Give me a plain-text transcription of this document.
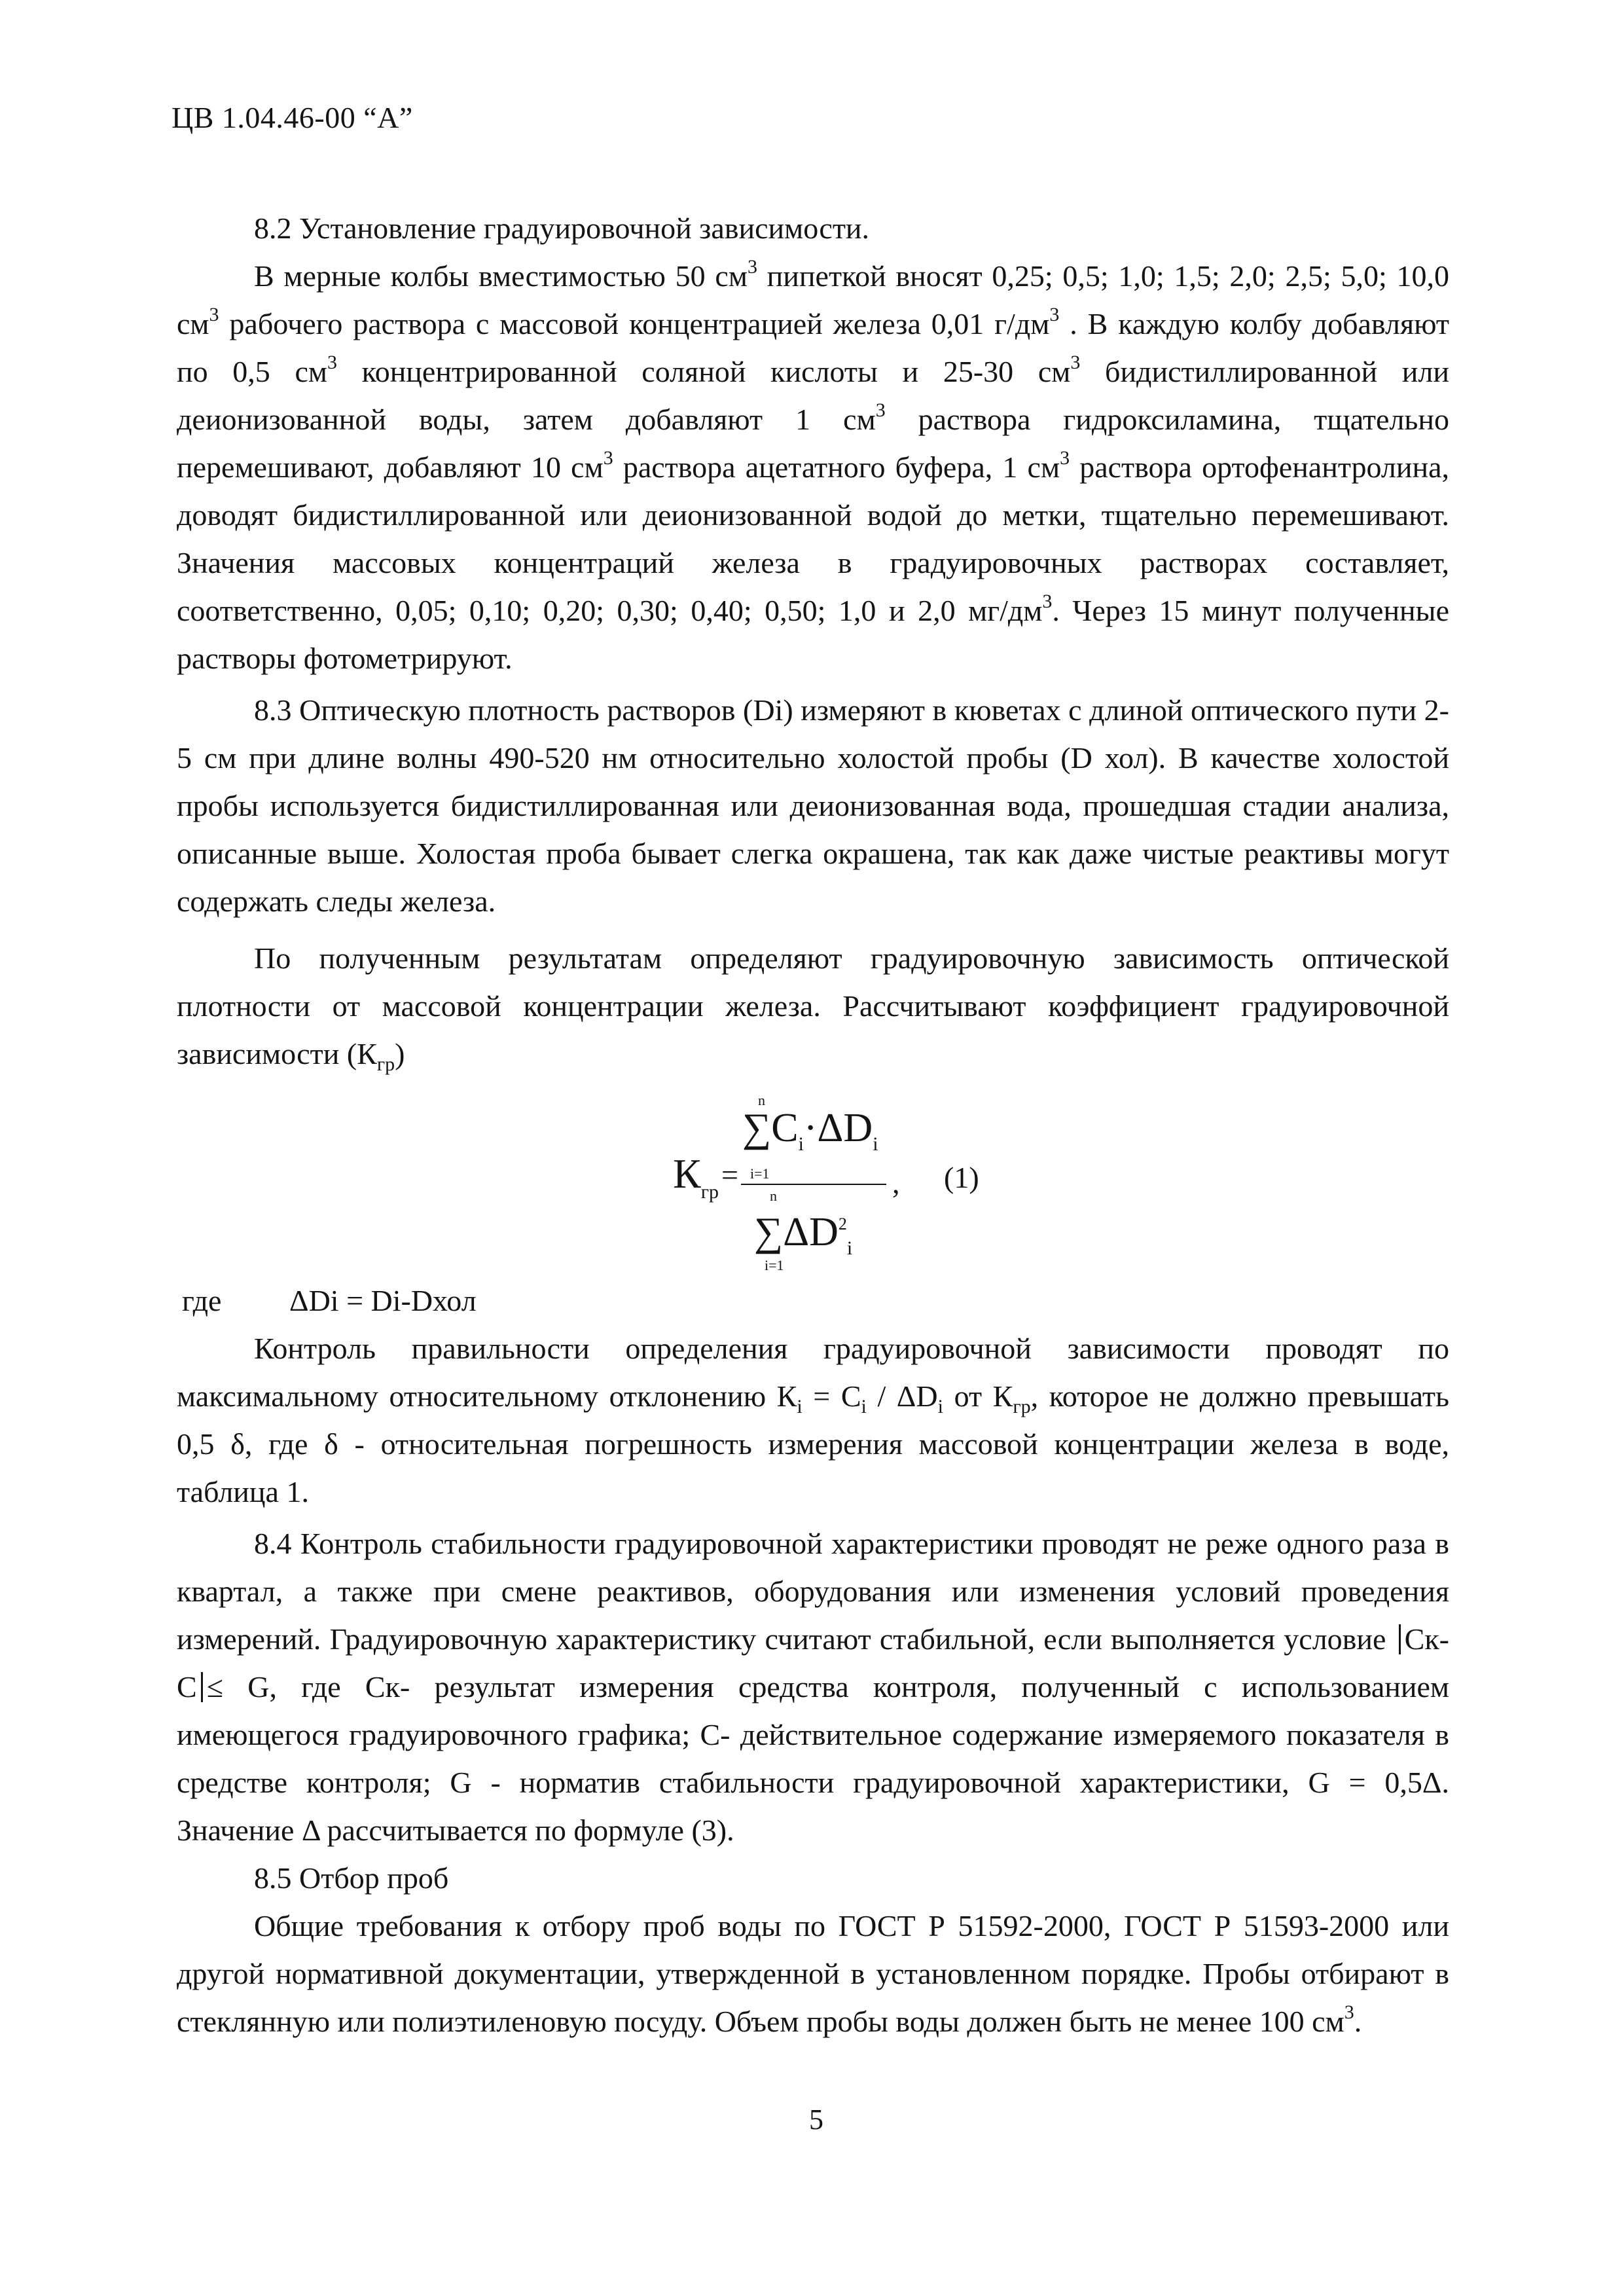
ЦВ 1.04.46-00 “А”

8.2 Установление градуировочной зависимости.

В мерные колбы вместимостью 50 $см^3$ пипеткой вносят 0,25; 0,5; 1,0; 1,5; 2,0; 2,5; 5,0; 10,0 $см^3$ рабочего раствора с массовой концентрацией железа 0,01 $г/дм^3$ . В каждую колбу добавляют по 0,5 $см^3$ концентрированной соляной кислоты и 25-30 $см^3$ бидистиллированной или деионизованной воды, затем добавляют 1 $см^3$ раствора гидроксиламина, тщательно перемешивают, добавляют 10 $см^3$ раствора ацетатного буфера, 1 $см^3$ раствора ортофенантролина, доводят бидистиллированной или деионизованной водой до метки, тщательно перемешивают. Значения массовых концентраций железа в градуировочных растворах составляет, соответственно, 0,05; 0,10; 0,20; 0,30; 0,40; 0,50; 1,0 и 2,0 $мг/дм^3$. Через 15 минут полученные растворы фотометрируют.

8.3 Оптическую плотность растворов (Di) измеряют в кюветах с длиной оптического пути 2-5 см при длине волны 490-520 нм относительно холостой пробы (D хол). В качестве холостой пробы используется бидистиллированная или деионизованная вода, прошедшая стадии анализа, описанные выше. Холостая проба бывает слегка окрашена, так как даже чистые реактивы могут содержать следы железа.

По полученным результатам определяют градуировочную зависимость оптической плотности от массовой концентрации железа. Рассчитывают коэффициент градуировочной зависимости $(К_{гр})$

$К_{гр}$
=
n
$\sum C_i\cdot\Delta D_i$
i=1
n
$\sum\Delta D^2_i$
i=1
, (1)
где ΔDi = Di-Dхол

Контроль правильности определения градуировочной зависимости проводят по максимальному относительному отклонению $К_i = C_i / \Delta D_i$ от $К_{гр}$, которое не должно превышать 0,5 δ, где δ - относительная погрешность измерения массовой концентрации железа в воде, таблица 1.

8.4 Контроль стабильности градуировочной характеристики проводят не реже одного раза в квартал, а также при смене реактивов, оборудования или изменения условий проведения измерений. Градуировочную характеристику считают стабильной, если выполняется условие Ск-С ≤ G, где Ск- результат измерения средства контроля, полученный с использованием имеющегося градуировочного графика; С- действительное содержание измеряемого показателя в средстве контроля; G - норматив стабильности градуировочной характеристики, G = 0,5Δ. Значение Δ рассчитывается по формуле (3).

8.5 Отбор проб

Общие требования к отбору проб воды по ГОСТ Р 51592-2000, ГОСТ Р 51593-2000 или другой нормативной документации, утвержденной в установленном порядке. Пробы отбирают в стеклянную или полиэтиленовую посуду. Объем пробы воды должен быть не менее 100 $см^3$.

5
